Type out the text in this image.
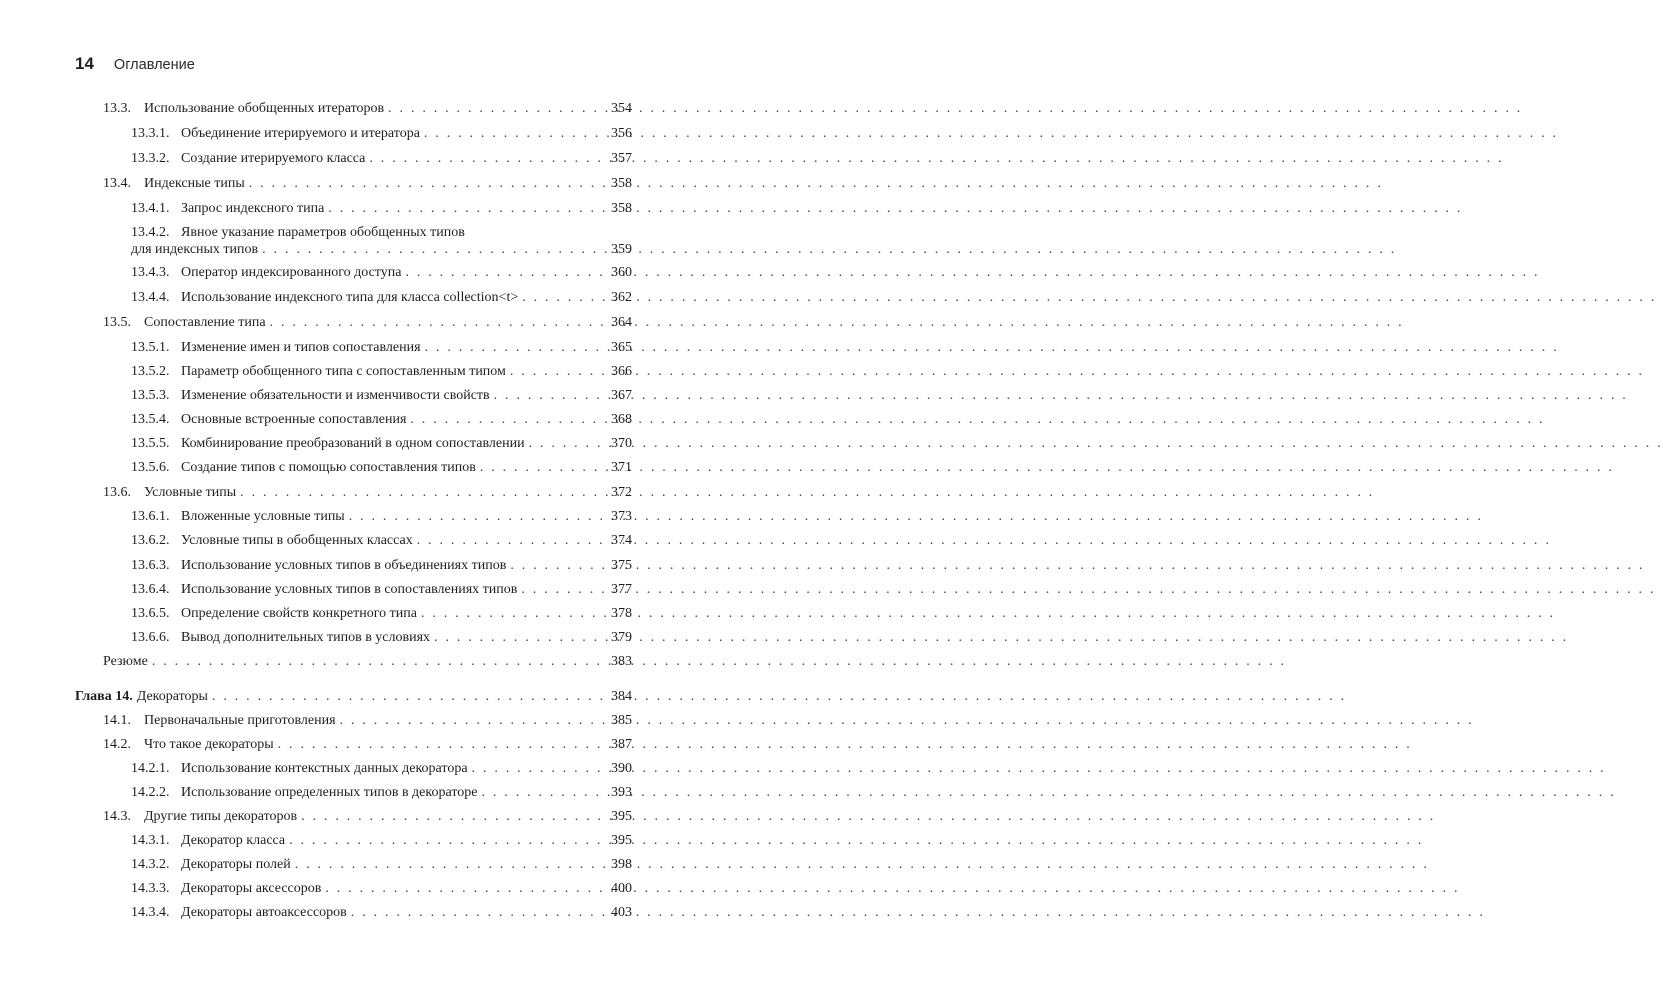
14 Оглавление
13.3. Использование обобщенных итераторов . . .	354
13.3.1. Объединение итерируемого и итератора . . .	356
13.3.2. Создание итерируемого класса . . .	357
13.4. Индексные типы . . .	358
13.4.1. Запрос индексного типа . . .	358
13.4.2. Явное указание параметров обобщенных типов
для индексных типов . . .	359
13.4.3. Оператор индексированного доступа . . .	360
13.4.4. Использование индексного типа для класса collection<t> . . .	362
13.5. Сопоставление типа . . .	364
13.5.1. Изменение имен и типов сопоставления . . .	365
13.5.2. Параметр обобщенного типа с сопоставленным типом . . .	366
13.5.3. Изменение обязательности и изменчивости свойств . . .	367
13.5.4. Основные встроенные сопоставления . . .	368
13.5.5. Комбинирование преобразований в одном сопоставлении . . .	370
13.5.6. Создание типов с помощью сопоставления типов . . .	371
13.6. Условные типы . . .	372
13.6.1. Вложенные условные типы . . .	373
13.6.2. Условные типы в обобщенных классах . . .	374
13.6.3. Использование условных типов в объединениях типов . . .	375
13.6.4. Использование условных типов в сопоставлениях типов . . .	377
13.6.5. Определение свойств конкретного типа . . .	378
13.6.6. Вывод дополнительных типов в условиях . . .	379
Резюме . . .	383
Глава 14. Декораторы . . .	384
14.1. Первоначальные приготовления . . .	385
14.2. Что такое декораторы . . .	387
14.2.1. Использование контекстных данных декоратора . . .	390
14.2.2. Использование определенных типов в декораторе . . .	393
14.3. Другие типы декораторов . . .	395
14.3.1. Декоратор класса . . .	395
14.3.2. Декораторы полей . . .	398
14.3.3. Декораторы аксессоров . . .	400
14.3.4. Декораторы автоаксессоров . . .	403
